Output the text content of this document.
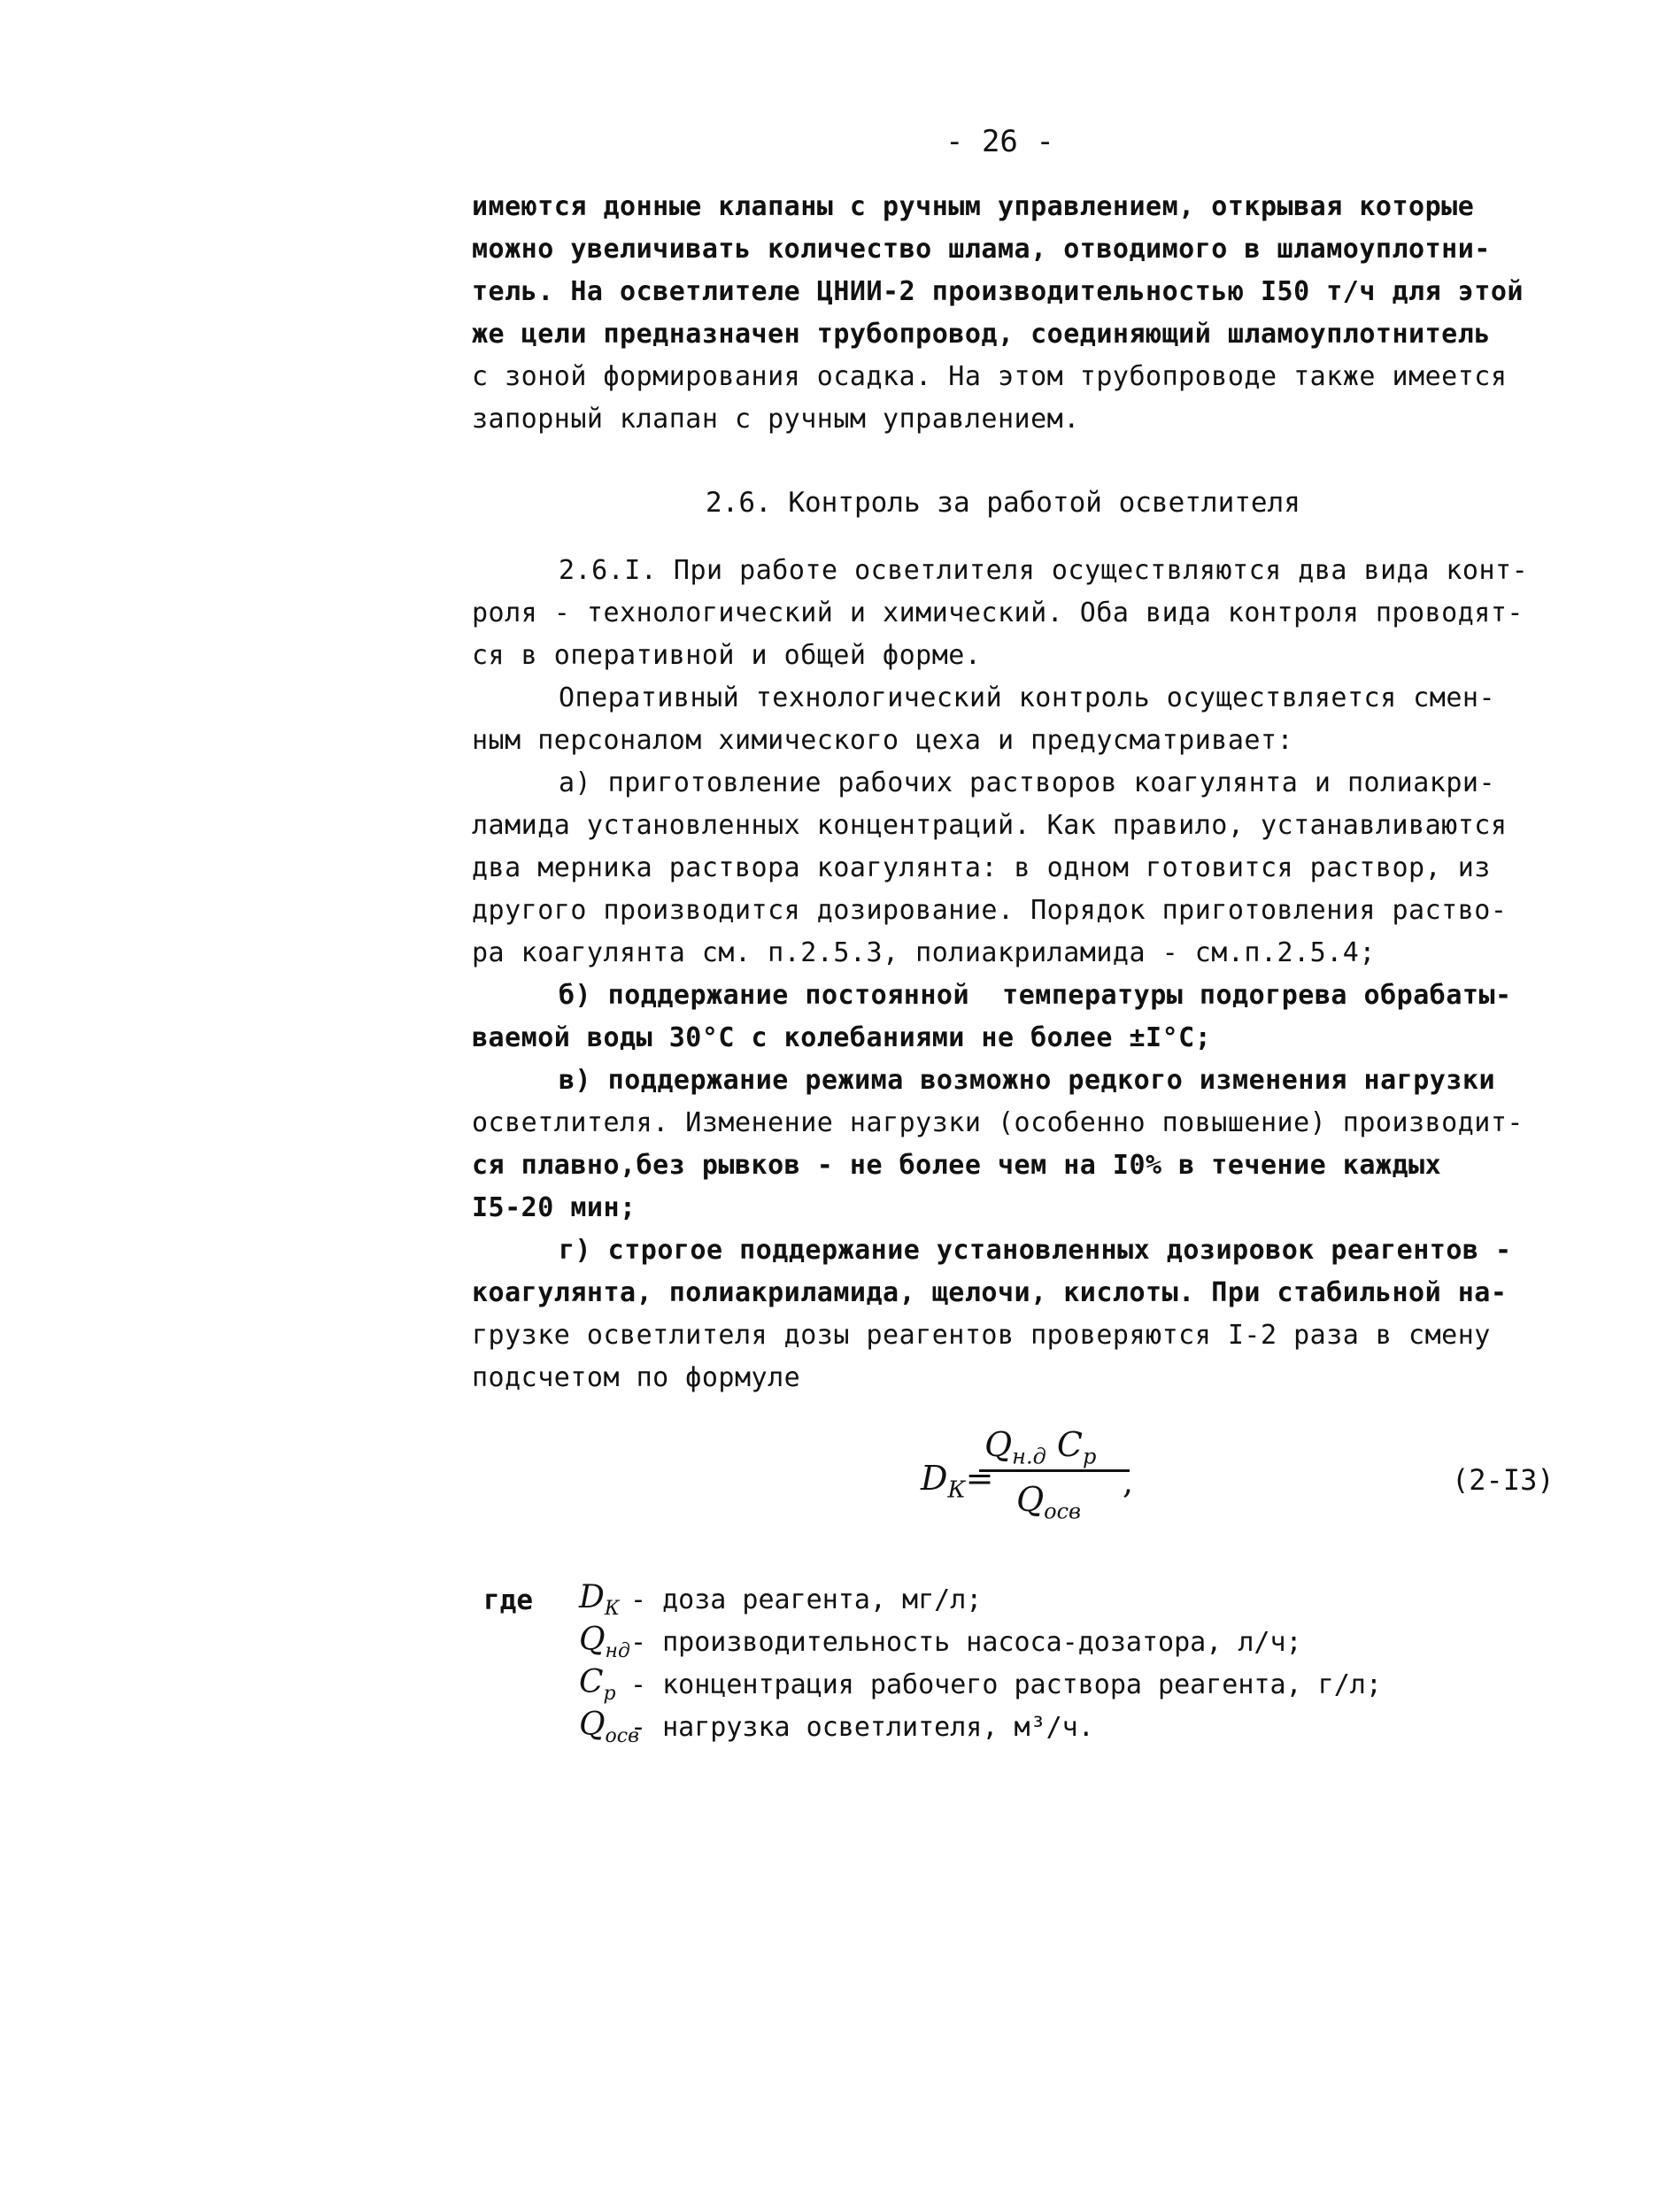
- 26 -
имеются донные клапаны с ручным управлением, открывая которые
можно увеличивать количество шлама, отводимого в шламоуплотни-
тель. На осветлителе ЦНИИ-2 производительностью I50 т/ч для этой
же цели предназначен трубопровод, соединяющий шламоуплотнитель
с зоной формирования осадка. На этом трубопроводе также имеется
запорный клапан с ручным управлением.
2.6. Контроль за работой осветлителя
2.6.I. При работе осветлителя осуществляются два вида конт-
роля - технологический и химический. Оба вида контроля проводят-
ся в оперативной и общей форме.
Оперативный технологический контроль осуществляется смен-
ным персоналом химического цеха и предусматривает:
а) приготовление рабочих растворов коагулянта и полиакри-
ламида установленных концентраций. Как правило, устанавливаются
два мерника раствора коагулянта: в одном готовится раствор, из
другого производится дозирование. Порядок приготовления раство-
ра коагулянта см. п.2.5.3, полиакриламида - см.п.2.5.4;
б) поддержание постоянной  температуры подогрева обрабаты-
ваемой воды 30°С с колебаниями не более ±I°С;
в) поддержание режима возможно редкого изменения нагрузки
осветлителя. Изменение нагрузки (особенно повышение) производит-
ся плавно,без рывков - не более чем на I0% в течение каждых
I5-20 мин;
г) строгое поддержание установленных дозировок реагентов -
коагулянта, полиакриламида, щелочи, кислоты. При стабильной на-
грузке осветлителя дозы реагентов проверяются I-2 раза в смену
подсчетом по формуле
$D_К=$
$Q_{н.д}$ $C_p$
$Q_{осв}$
,	(2-I3)
где $D_К$ - доза реагента, мг/л;
$Q_{нд}$ - производительность насоса-дозатора, л/ч;
$C_p$ - концентрация рабочего раствора реагента, г/л;
$Q_{осв}$
- нагрузка осветлителя, м³/ч.
